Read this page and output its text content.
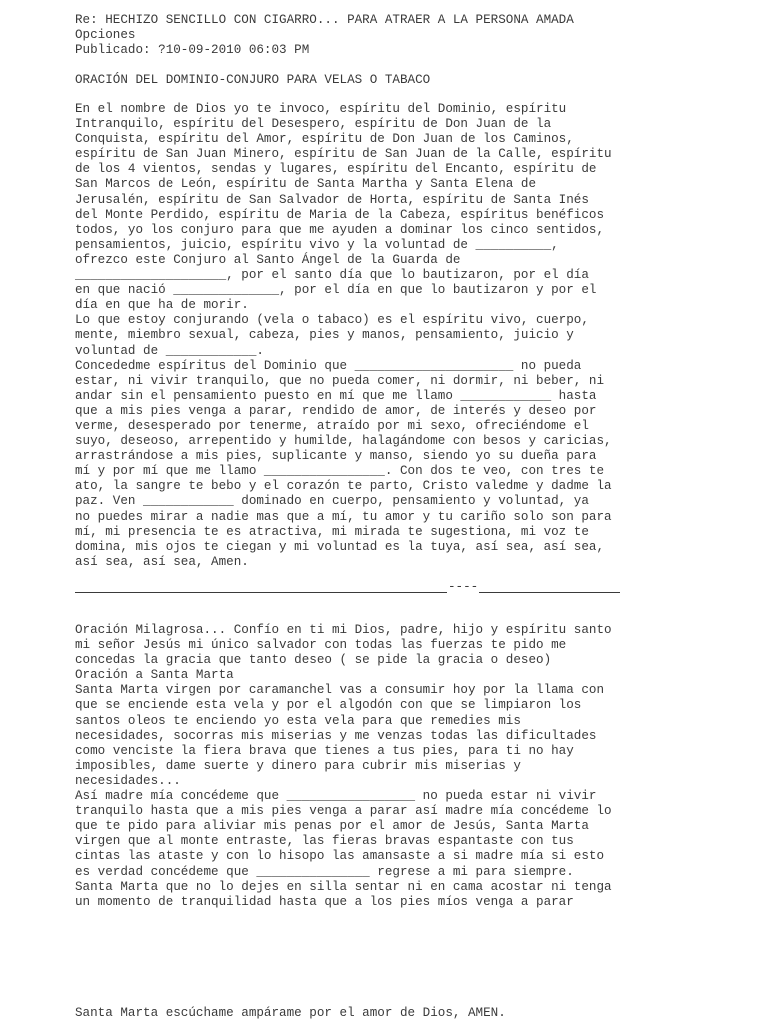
Re: HECHIZO SENCILLO CON CIGARRO... PARA ATRAER A LA PERSONA AMADA
Opciones
Publicado: ?10-09-2010 06:03 PM
ORACIÓN DEL DOMINIO-CONJURO PARA VELAS O TABACO
En el nombre de Dios yo te invoco, espíritu del Dominio, espíritu
Intranquilo, espíritu del Desespero, espíritu de Don Juan de la
Conquista, espíritu del Amor, espíritu de Don Juan de los Caminos,
espíritu de San Juan Minero, espíritu de San Juan de la Calle, espíritu
de los 4 vientos, sendas y lugares, espíritu del Encanto, espíritu de
San Marcos de León, espíritu de Santa Martha y Santa Elena de
Jerusalén, espíritu de San Salvador de Horta, espíritu de Santa Inés
del Monte Perdido, espíritu de Maria de la Cabeza, espíritus benéficos
todos, yo los conjuro para que me ayuden a dominar los cinco sentidos,
pensamientos, juicio, espíritu vivo y la voluntad de __________,
ofrezco este Conjuro al Santo Ángel de la Guarda de
____________________, por el santo día que lo bautizaron, por el día
en que nació ______________, por el día en que lo bautizaron y por el
día en que ha de morir.
Lo que estoy conjurando (vela o tabaco) es el espíritu vivo, cuerpo,
mente, miembro sexual, cabeza, pies y manos, pensamiento, juicio y
voluntad de ____________.
Concededme espíritus del Dominio que _____________________ no pueda
estar, ni vivir tranquilo, que no pueda comer, ni dormir, ni beber, ni
andar sin el pensamiento puesto en mí que me llamo ____________ hasta
que a mis pies venga a parar, rendido de amor, de interés y deseo por
verme, desesperado por tenerme, atraído por mi sexo, ofreciéndome el
suyo, deseoso, arrepentido y humilde, halagándome con besos y caricias,
arrastrándose a mis pies, suplicante y manso, siendo yo su dueña para
mí y por mí que me llamo ________________. Con dos te veo, con tres te
ato, la sangre te bebo y el corazón te parto, Cristo valedme y dadme la
paz. Ven ____________ dominado en cuerpo, pensamiento y voluntad, ya
no puedes mirar a nadie mas que a mí, tu amor y tu cariño solo son para
mí, mi presencia te es atractiva, mi mirada te sugestiona, mi voz te
domina, mis ojos te ciegan y mi voluntad es la tuya, así sea, así sea,
así sea, así sea, Amen.

----

Oración Milagrosa... Confío en ti mi Dios, padre, hijo y espíritu santo
mi señor Jesús mi único salvador con todas las fuerzas te pido me
concedas la gracia que tanto deseo ( se pide la gracia o deseo)
Oración a Santa Marta
Santa Marta virgen por caramanchel vas a consumir hoy por la llama con
que se enciende esta vela y por el algodón con que se limpiaron los
santos oleos te enciendo yo esta vela para que remedies mis
necesidades, socorras mis miserias y me venzas todas las dificultades
como venciste la fiera brava que tienes a tus pies, para ti no hay
imposibles, dame suerte y dinero para cubrir mis miserias y
necesidades...
Así madre mía concédeme que _________________ no pueda estar ni vivir
tranquilo hasta que a mis pies venga a parar así madre mía concédeme lo
que te pido para aliviar mis penas por el amor de Jesús, Santa Marta
virgen que al monte entraste, las fieras bravas espantaste con tus
cintas las ataste y con lo hisopo las amansaste a si madre mía si esto
es verdad concédeme que _______________ regrese a mi para siempre.
Santa Marta que no lo dejes en silla sentar ni en cama acostar ni tenga
un momento de tranquilidad hasta que a los pies míos venga a parar
Santa Marta escúchame ampárame por el amor de Dios, AMEN.
